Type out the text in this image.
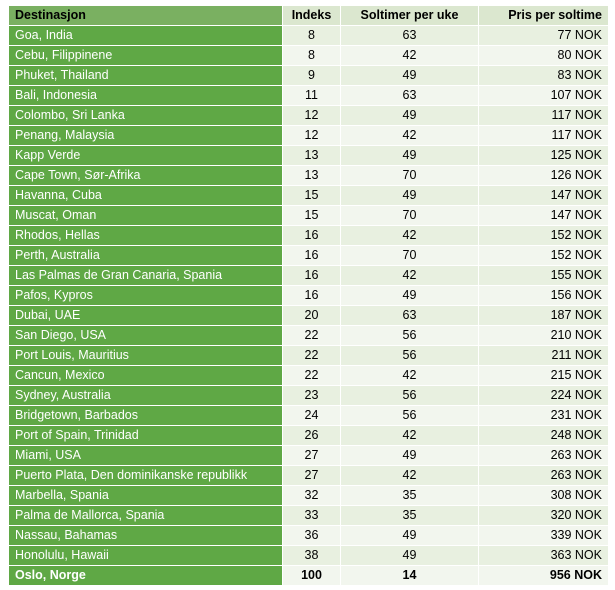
Destinasjon	Indeks	Soltimer per uke	Pris per soltime
Goa, India	8	63	77 NOK
Cebu, Filippinene	8	42	80 NOK
Phuket, Thailand	9	49	83 NOK
Bali, Indonesia	11	63	107 NOK
Colombo, Sri Lanka	12	49	117 NOK
Penang, Malaysia	12	42	117 NOK
Kapp Verde	13	49	125 NOK
Cape Town, Sør-Afrika	13	70	126 NOK
Havanna, Cuba	15	49	147 NOK
Muscat, Oman	15	70	147 NOK
Rhodos, Hellas	16	42	152 NOK
Perth, Australia	16	70	152 NOK
Las Palmas de Gran Canaria, Spania	16	42	155 NOK
Pafos, Kypros	16	49	156 NOK
Dubai, UAE	20	63	187 NOK
San Diego, USA	22	56	210 NOK
Port Louis, Mauritius	22	56	211 NOK
Cancun, Mexico	22	42	215 NOK
Sydney, Australia	23	56	224 NOK
Bridgetown, Barbados	24	56	231 NOK
Port of Spain, Trinidad	26	42	248 NOK
Miami, USA	27	49	263 NOK
Puerto Plata, Den dominikanske republikk	27	42	263 NOK
Marbella, Spania	32	35	308 NOK
Palma de Mallorca, Spania	33	35	320 NOK
Nassau, Bahamas	36	49	339 NOK
Honolulu, Hawaii	38	49	363 NOK
Oslo, Norge	100	14	956 NOK
